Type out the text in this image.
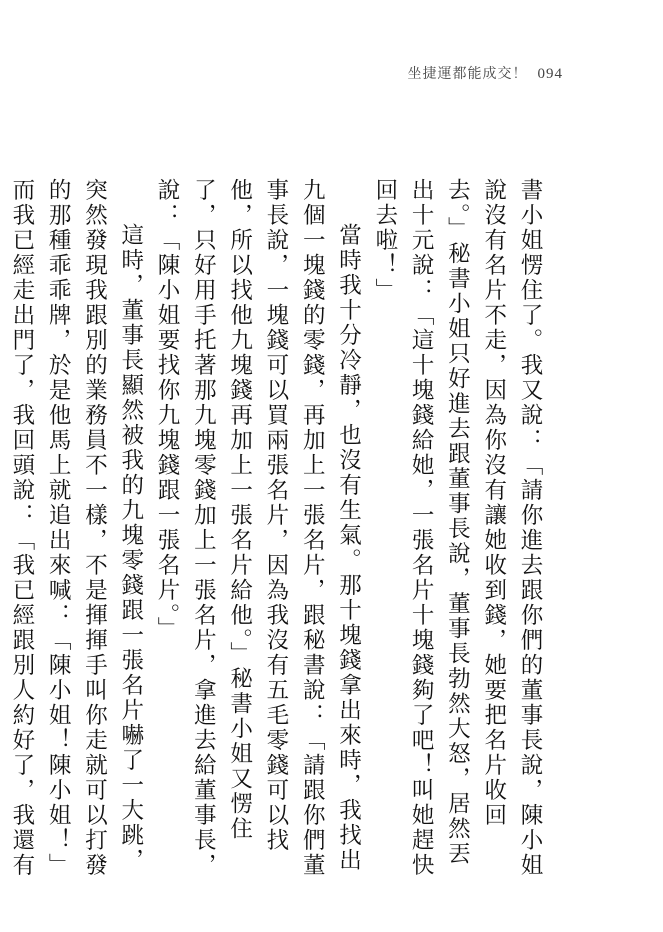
坐捷運都能成交！ 094

書小姐愣住了。我又說：「請你進去跟你們的董事長說，陳小姐說沒有名片不走，因為你沒有讓她收到錢，她要把名片收回去。」秘書小姐只好進去跟董事長說，董事長勃然大怒，居然丟出十元說：「這十塊錢給她，一張名片十塊錢夠了吧！叫她趕快回去啦！」

當時我十分冷靜，也沒有生氣。那十塊錢拿出來時，我找出九個一塊錢的零錢，再加上一張名片，跟秘書說：「請跟你們董事長說，一塊錢可以買兩張名片，因為我沒有五毛零錢可以找他，所以找他九塊錢再加上一張名片給他。」秘書小姐又愣住了，只好用手托著那九塊零錢加上一張名片，拿進去給董事長，說：「陳小姐要找你九塊錢跟一張名片。」

這時，董事長顯然被我的九塊零錢跟一張名片嚇了一大跳，突然發現我跟別的業務員不一樣，不是揮揮手叫你走就可以打發的那種乖乖牌，於是他馬上就追出來喊：「陳小姐！陳小姐！」而我已經走出門了，我回頭說：「我已經跟別人約好了，我還有
